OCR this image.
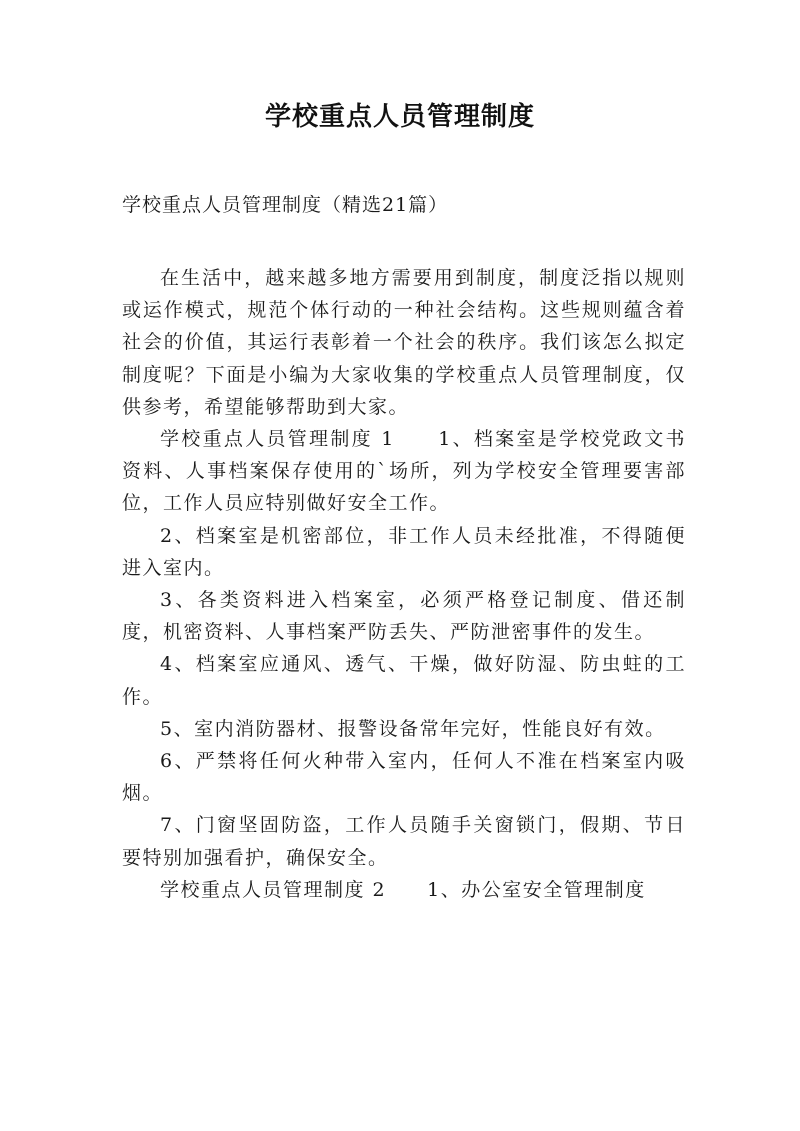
学校重点人员管理制度

学校重点人员管理制度（精选21篇）

在生活中，越来越多地方需要用到制度，制度泛指以规则或运作模式，规范个体行动的一种社会结构。这些规则蕴含着社会的价值，其运行表彰着一个社会的秩序。我们该怎么拟定制度呢？下面是小编为大家收集的学校重点人员管理制度，仅供参考，希望能够帮助到大家。

学校重点人员管理制度 1　　1、档案室是学校党政文书资料、人事档案保存使用的`场所，列为学校安全管理要害部位，工作人员应特别做好安全工作。

2、档案室是机密部位，非工作人员未经批准，不得随便进入室内。

3、各类资料进入档案室，必须严格登记制度、借还制度，机密资料、人事档案严防丢失、严防泄密事件的发生。

4、档案室应通风、透气、干燥，做好防湿、防虫蛀的工作。

5、室内消防器材、报警设备常年完好，性能良好有效。

6、严禁将任何火种带入室内，任何人不准在档案室内吸烟。

7、门窗坚固防盗，工作人员随手关窗锁门，假期、节日要特别加强看护，确保安全。

学校重点人员管理制度 2　　1、办公室安全管理制度
